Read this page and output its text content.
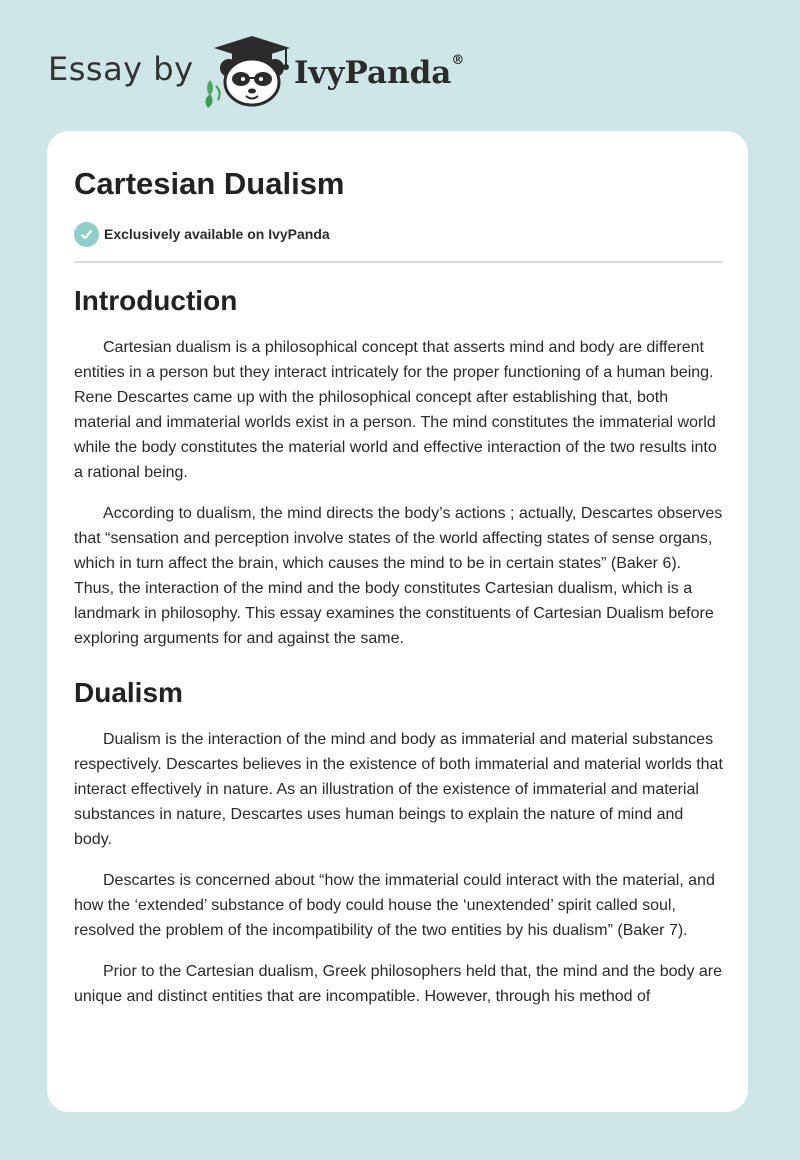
Essay by	IvyPanda®
Cartesian Dualism
Exclusively available on IvyPanda
Introduction

Cartesian dualism is a philosophical concept that asserts mind and body are different entities in a person but they interact intricately for the proper functioning of a human being. Rene Descartes came up with the philosophical concept after establishing that, both material and immaterial worlds exist in a person. The mind constitutes the immaterial world while the body constitutes the material world and effective interaction of the two results into a rational being.

According to dualism, the mind directs the body’s actions ; actually, Descartes observes that “sensation and perception involve states of the world affecting states of sense organs, which in turn affect the brain, which causes the mind to be in certain states” (Baker 6). Thus, the interaction of the mind and the body constitutes Cartesian dualism, which is a landmark in philosophy. This essay examines the constituents of Cartesian Dualism before exploring arguments for and against the same.

Dualism

Dualism is the interaction of the mind and body as immaterial and material substances respectively. Descartes believes in the existence of both immaterial and material worlds that interact effectively in nature. As an illustration of the existence of immaterial and material substances in nature, Descartes uses human beings to explain the nature of mind and body.

Descartes is concerned about “how the immaterial could interact with the material, and how the ‘extended’ substance of body could house the ‘unextended’ spirit called soul, resolved the problem of the incompatibility of the two entities by his dualism” (Baker 7).

Prior to the Cartesian dualism, Greek philosophers held that, the mind and the body are unique and distinct entities that are incompatible. However, through his method of
